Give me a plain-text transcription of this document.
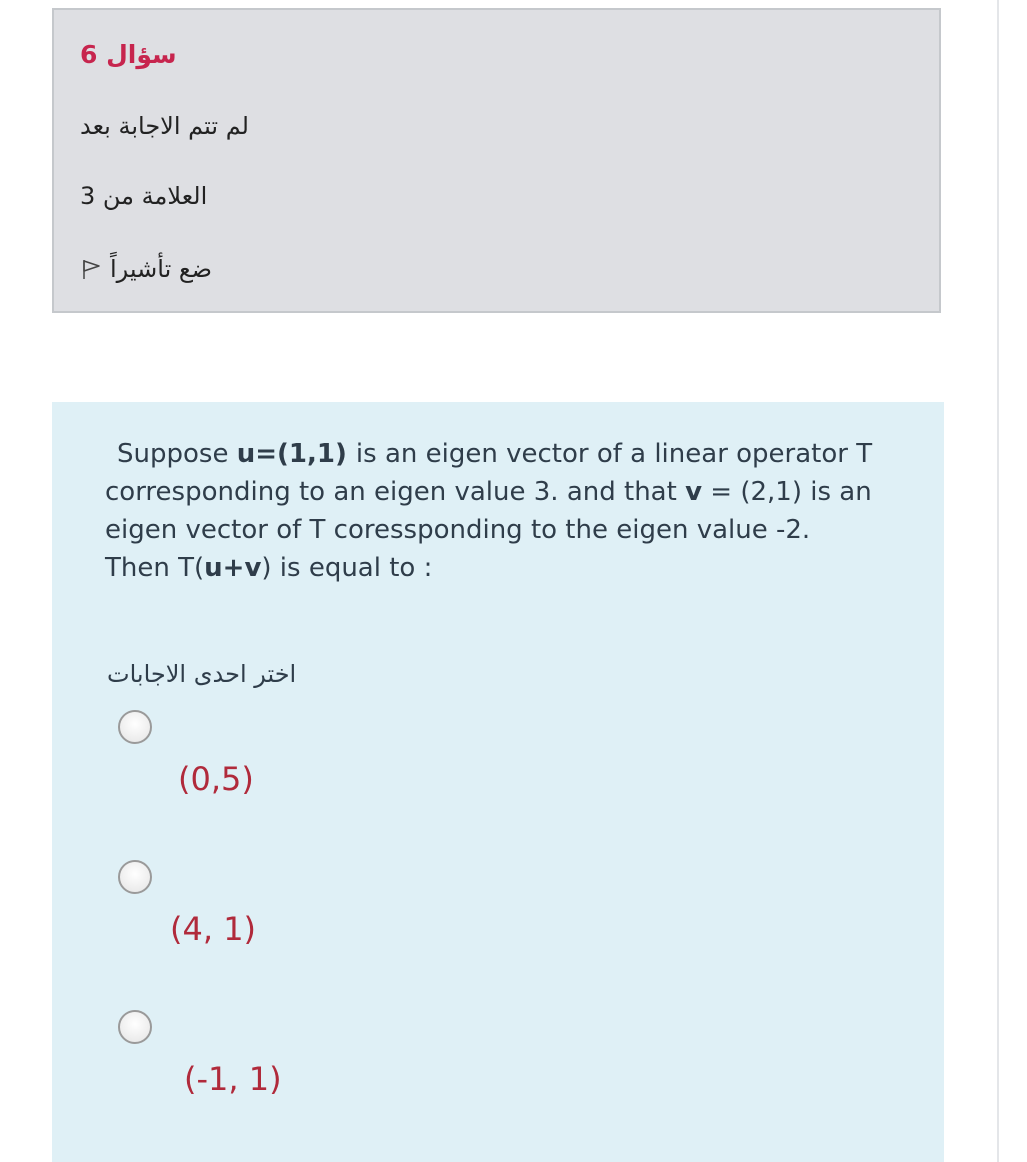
سؤال 6
لم تتم الاجابة بعد
العلامة من 3
ضع تأشيراً

Suppose u=(1,1) is an eigen vector of a linear operator T

corresponding to an eigen value 3. and that v = (2,1) is an

eigen vector of T coressponding to the eigen value -2.

Then T(u+v) is equal to :

اختر احدى الاجابات
(0,5)
(4, 1)
(-1, 1)
